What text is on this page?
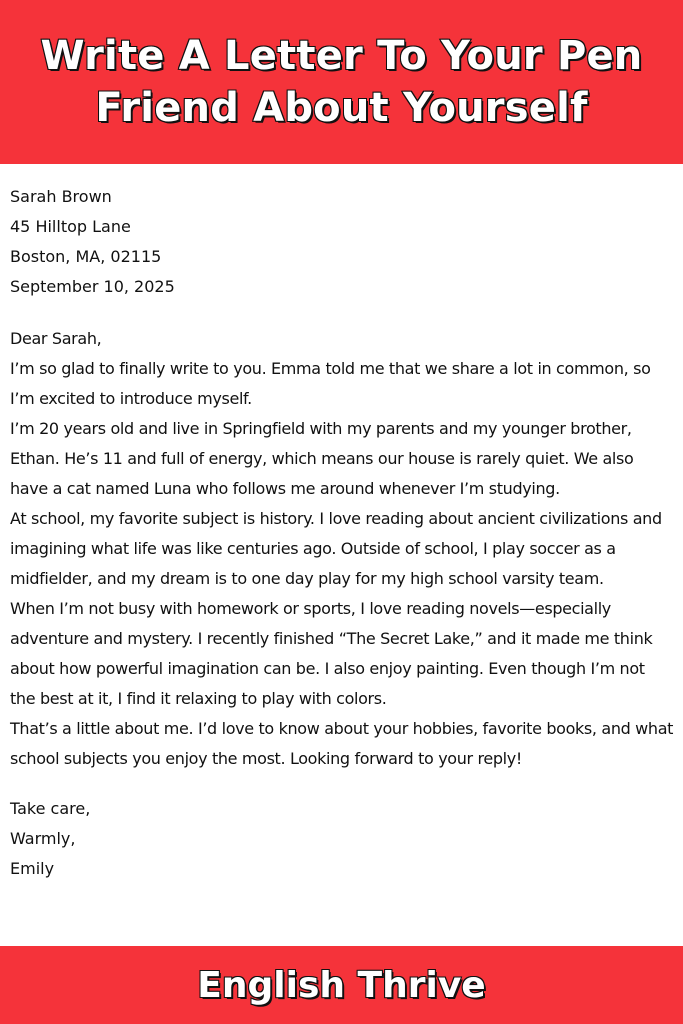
Write A Letter To Your Pen Friend About Yourself

Sarah Brown

45 Hilltop Lane

Boston, MA, 02115

September 10, 2025

Dear Sarah,

I’m so glad to finally write to you. Emma told me that we share a lot in common, so I’m excited to introduce myself.

I’m 20 years old and live in Springfield with my parents and my younger brother, Ethan. He’s 11 and full of energy, which means our house is rarely quiet. We also have a cat named Luna who follows me around whenever I’m studying.

At school, my favorite subject is history. I love reading about ancient civilizations and imagining what life was like centuries ago. Outside of school, I play soccer as a midfielder, and my dream is to one day play for my high school varsity team.

When I’m not busy with homework or sports, I love reading novels—especially adventure and mystery. I recently finished “The Secret Lake,” and it made me think about how powerful imagination can be. I also enjoy painting. Even though I’m not the best at it, I find it relaxing to play with colors.

That’s a little about me. I’d love to know about your hobbies, favorite books, and what school subjects you enjoy the most. Looking forward to your reply!

Take care,

Warmly,

Emily

English Thrive
